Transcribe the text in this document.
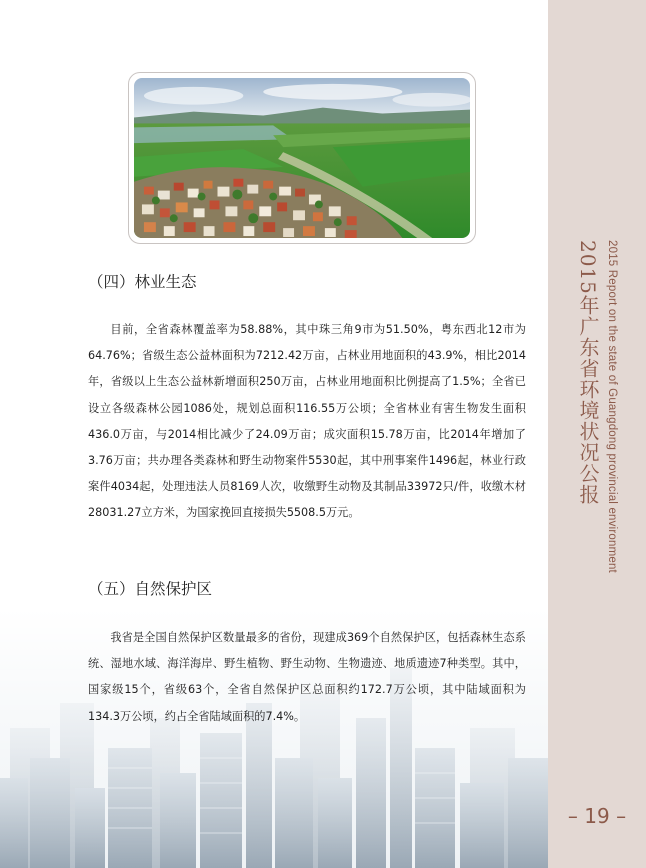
（四）林业生态

目前，全省森林覆盖率为58.88%，其中珠三角9市为51.50%，粤东西北12市为64.76%；省级生态公益林面积为7212.42万亩，占林业用地面积的43.9%，相比2014年，省级以上生态公益林新增面积250万亩，占林业用地面积比例提高了1.5%；全省已设立各级森林公园1086处，规划总面积116.55万公顷；全省林业有害生物发生面积436.0万亩，与2014相比减少了24.09万亩；成灾面积15.78万亩，比2014年增加了3.76万亩；共办理各类森林和野生动物案件5530起，其中刑事案件1496起，林业行政案件4034起，处理违法人员8169人次，收缴野生动物及其制品33972只/件，收缴木材28031.27立方米，为国家挽回直接损失5508.5万元。

（五）自然保护区

我省是全国自然保护区数量最多的省份，现建成369个自然保护区，包括森林生态系统、湿地水域、海洋海岸、野生植物、野生动物、生物遗迹、地质遗迹7种类型。其中，国家级15个，省级63个，全省自然保护区总面积约172.7万公顷，其中陆域面积为134.3万公顷，约占全省陆域面积的7.4%。

2015 Report on the state of Guangdong provincial environment
2015年广东省环境状况公报
– 19 –
